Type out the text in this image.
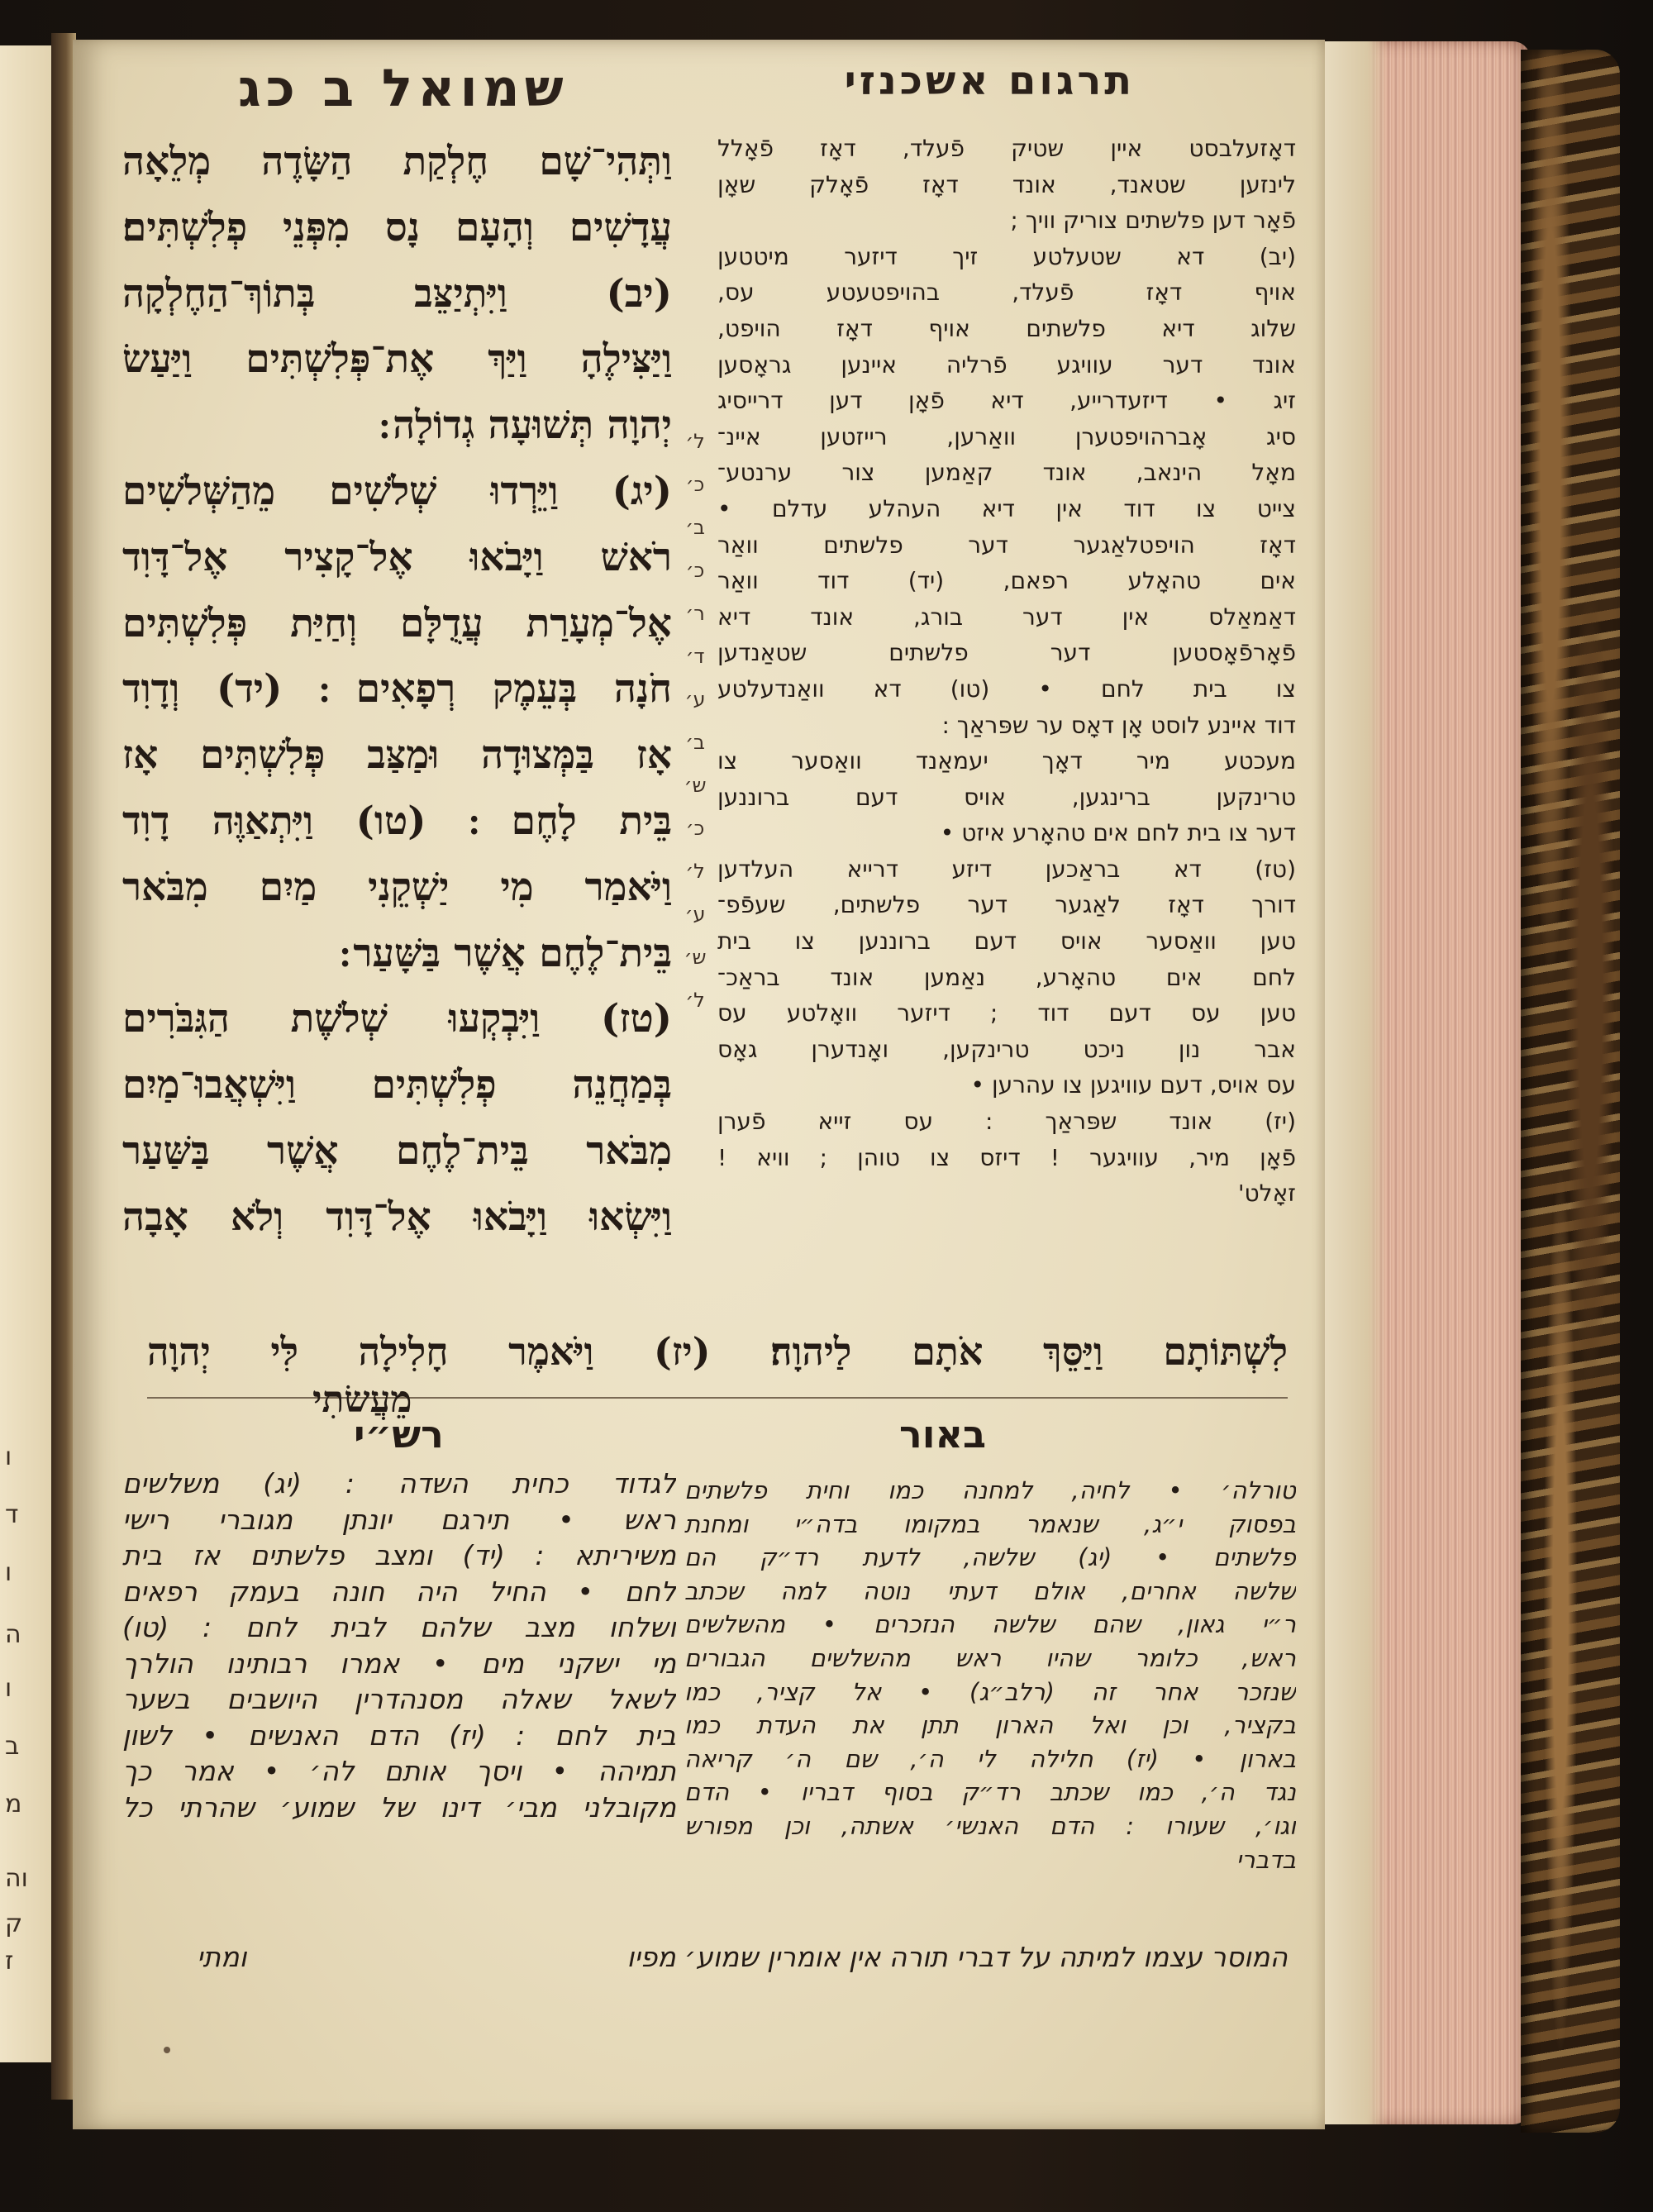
ו
ד
ו
ה
ו
ב
מ
וה
ק
ז
תרגום אשכנזי
שמואל ב כג
דאָזעלבסט איין שטיק פֿעלד, דאָז פֿאָלל
לינזען שטאנד, אונד דאָז פֿאָלק שאָן
פֿאָר דען פלשתים צוריק וויך ;
(יב) דא שטעלטע זיך דיזער מיטטען
אויף דאָז פֿעלד, בהויפטעטע עס,
שלוג דיא פלשתים אויף דאָז הויפט,
אונד דער עוויגע פֿרליה איינען גראָסען
זיג • דיזעדרייע, דיא פֿאָן דען דרייסיג
סיג אָברהויפטערן וואַרען, רייזטען איינ־
מאָל הינאב, אונד קאַמען צור ערנטע־
צייט צו דוד אין דיא העהלע עדלם •
דאָז הויפטלאַגער דער פלשתים וואַר
אים טהאָלע רפאם, (יד) דוד וואַר
דאַמאַלס אין דער בורג, אונד דיא
פֿאָרפֿאָסטען דער פלשתים שטאַנדען
צו בית לחם • (טו) דא וואַנדעלטע
דוד איינע לוסט אָן דאָס ער שפּראַך :
מעכטע מיר דאָך יעמאַנד וואַסער צו
טרינקען ברינגען, אויס דעם ברוננען
דער צו בית לחם אים טהאָרע איזט •
(טז) דא בראַכען דיזע דרייא העלדען
דורך דאָז לאַגער דער פלשתים, שעפֿפ־
טען וואַסער אויס דעם ברוננען צו בית
לחם אים טהאָרע, נאַמען אונד בראַכ־
טען עס דעם דוד ; דיזער וואָלטע עס
אבר נון ניכט טרינקען, ואָנדערן גאָס
עס אויס, דעם עוויגען צו עהרען •
(יז) אונד שפּראַך : עס זייא פֿערן
פֿאָן מיר, עוויגער ! דיזס צו טוהן ; וויא !
זאָלט'
וַתְּהִי־שָׁם חֶלְקַת הַשָּׂדֶה מְלֵאָה
עֲדָשִׁים וְהָעָם נָס מִפְּנֵי פְלִשְׁתִּים׃
(יב) וַיִּתְיַצֵּב בְּתוֹךְ־הַחֶלְקָה
וַיַּצִּילֶהָ וַיַּךְ אֶת־פְּלִשְׁתִּים וַיַּעַשׂ
יְהוָה תְּשׁוּעָה גְדוֹלָה ׃
(יג) וַיֵּרְדוּ שְׁלֹשִׁים מֵהַשְּׁלשִׁים
רֹאשׁ וַיָּבֹאוּ אֶל־קָצִיר אֶל־דָּוִד
אֶל־מְעָרַת עֲדֻלָּם וְחַיַּת פְּלִשְׁתִּים
חֹנָה בְּעֵמֶק רְפָאִים ׃ (יד) וְדָוִד
אָז בַּמְּצוּדָה וּמַצַּב פְּלִשְׁתִּים אָז
בֵּית לָחֶם ׃ (טו) וַיִּתְאַוֶּה דָוִד
וַיֹּאמַר מִי יַשְׁקֵנִי מַיִם מִבֹּאר
בֵּית־לֶחֶם אֲשֶׁר בַּשָּׁעַר ׃
(טז) וַיִּבְקְעוּ שְׁלֹשֶׁת הַגִּבֹּרִים
בְּמַחֲנֵה פְלִשְׁתִּים וַיִּשְׁאֲבוּ־מַיִם
מִבֹּאר בֵּית־לֶחֶם אֲשֶׁר בַּשַּׁעַר
וַיִּשְׂאוּ וַיָּבֹאוּ אֶל־דָּוִד וְלֹא אָבָה
ל׳
כ׳
ב׳
כ׳
ר׳
ד׳
ע׳
ב׳
ש׳
כ׳
ל׳
ע׳
ש׳
ל׳
לִשְׁתּוֹתָם וַיַּסֵּךְ אֹתָם לַיהוָה׃ (יז) וַיֹּאמֶר חָלִילָה לִּי יְהוָה
מֵעֲשׂתִי
באור
רש״י
טורלה׳ • לחיה, למחנה כמו וחית פלשתים
בפסוק י״ג, שנאמר במקומו בדה״י ומחנת
פלשתים • (יג) שלשה, לדעת רד״ק הם
שלשה אחרים, אולם דעתי נוטה למה שכתב
ר״י גאון, שהם שלשה הנזכרים • מהשלשים
ראש, כלומר שהיו ראש מהשלשים הגבורים
שנזכר אחר זה (רלב״ג) • אל קציר, כמו
בקציר, וכן ואל הארון תתן את העדת כמו
בארון • (יז) חלילה לי ה׳, שם ה׳ קריאה
נגד ה׳, כמו שכתב רד״ק בסוף דבריו • הדם
וגו׳, שעורו : הדם האנשי׳ אשתה, וכן מפורש
בדברי
לגדוד כחית השדה : (יג) משלשים
ראש • תירגם יונתן מגוברי רישי
משיריתא : (יד) ומצב פלשתים אז בית
לחם • החיל היה חונה בעמק רפאים
ושלחו מצב שלהם לבית לחם : (טו)
מי ישקני מים • אמרו רבותינו הולרך
לשאל שאלה מסנהדרין היושבים בשער
בית לחם : (יז) הדם האנשים • לשון
תמיהה • ויסך אותם לה׳ • אמר כך
מקובלני מבי׳ דינו של שמוע׳ שהרתי כל
המוסר עצמו למיתה על דברי תורה אין אומרין שמוע׳ מפיו
ומתי
